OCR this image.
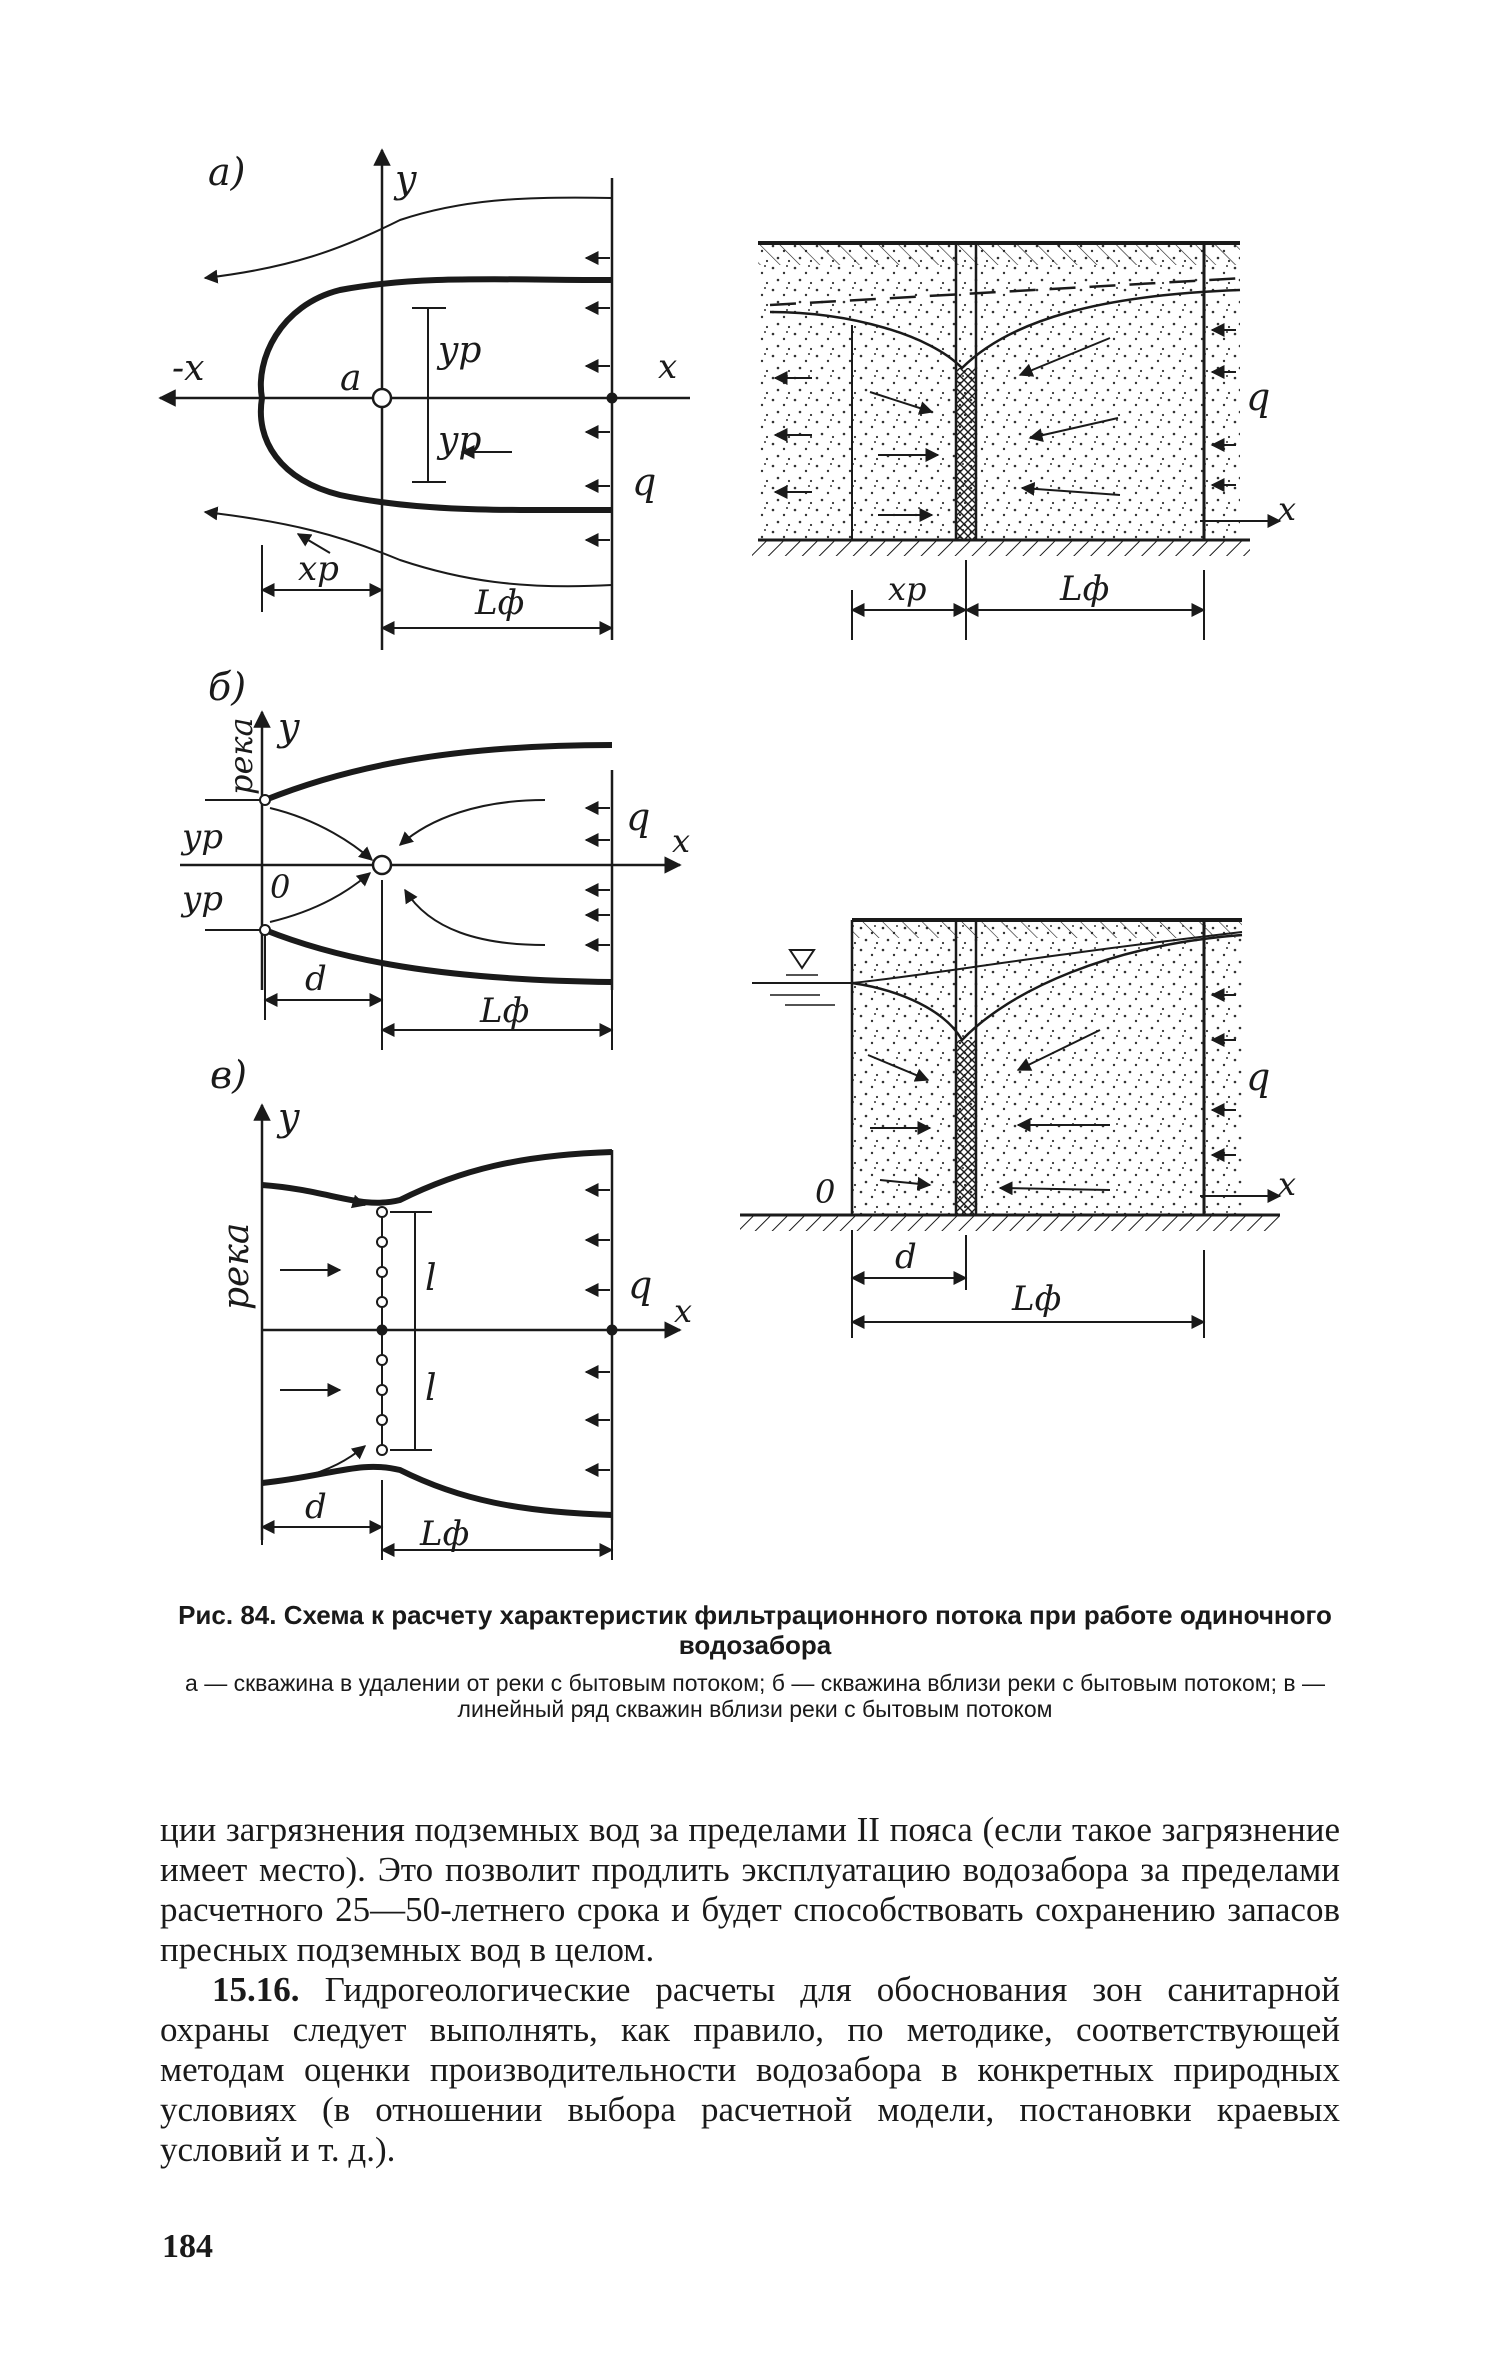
а)	y
x
-x	a
yp
yp
q
xp
Lф
q
x
xp	Lф
б)
y
x
река
0
yp
yp
q
d
Lф
q
x
0
d
Lф
в)
y
x
река	q
l
l
d
Lф
Рис. 84. Схема к расчету характеристик фильтрационного потока при работе одиночного водозабора
а — скважина в удалении от реки с бытовым потоком; б — скважина вблизи реки с бытовым потоком; в — линейный ряд скважин вблизи реки с бытовым потоком

ции загрязнения подземных вод за пределами II пояса (если такое загрязнение имеет место). Это позволит продлить эксплуатацию водозабора за пределами расчетного 25—50-летнего срока и будет способствовать сохранению запасов пресных подземных вод в целом.

15.16. Гидрогеологические расчеты для обоснования зон санитарной охраны следует выполнять, как правило, по методике, соответствующей методам оценки производительности водозабора в конкретных природных условиях (в отношении выбора расчетной модели, постановки краевых условий и т. д.).

184
